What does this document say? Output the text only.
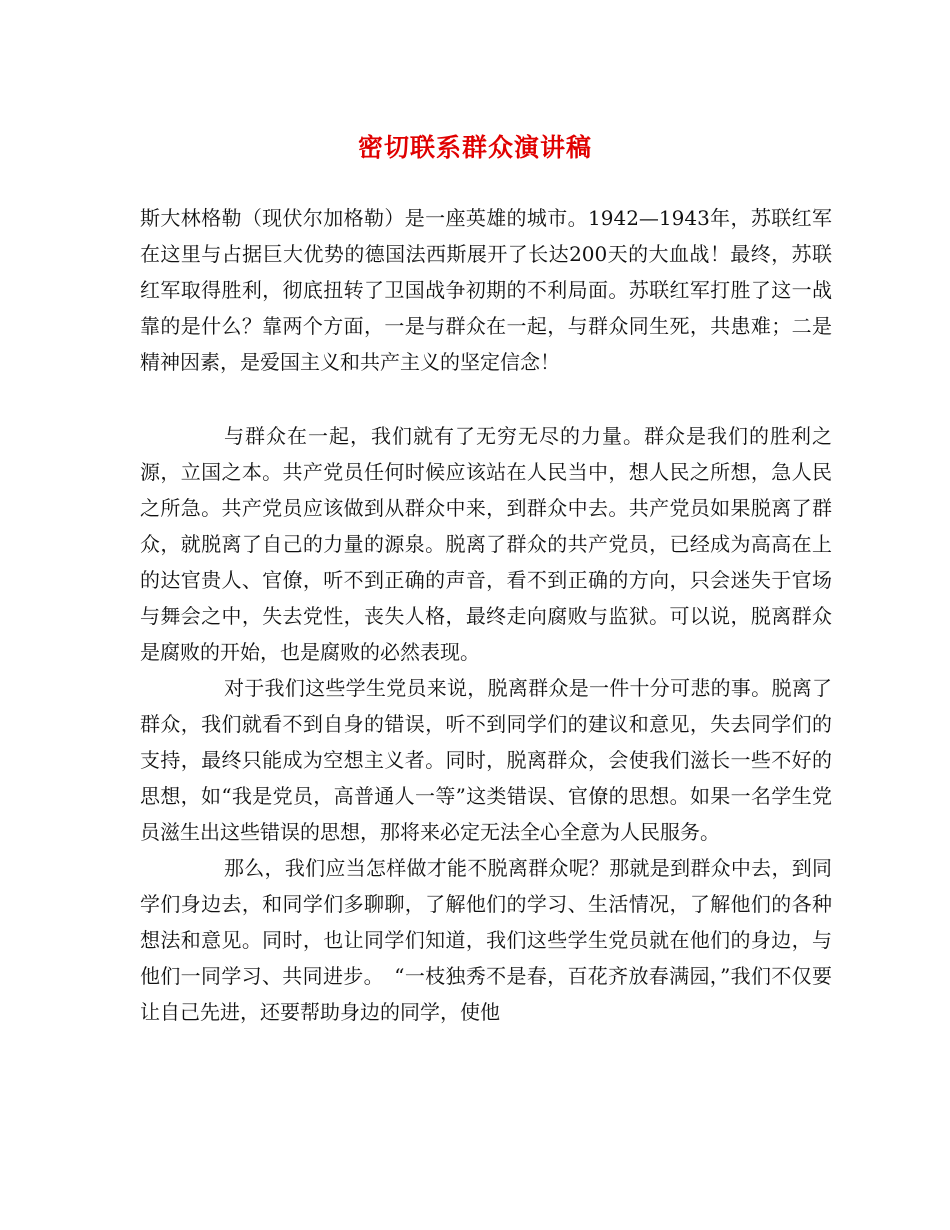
密切联系群众演讲稿

斯大林格勒（现伏尔加格勒）是一座英雄的城市。1942—1943年，苏联红军在这里与占据巨大优势的德国法西斯展开了长达200天的大血战！最终，苏联红军取得胜利，彻底扭转了卫国战争初期的不利局面。苏联红军打胜了这一战靠的是什么？靠两个方面，一是与群众在一起，与群众同生死，共患难；二是精神因素，是爱国主义和共产主义的坚定信念！

与群众在一起，我们就有了无穷无尽的力量。群众是我们的胜利之源，立国之本。共产党员任何时候应该站在人民当中，想人民之所想，急人民之所急。共产党员应该做到从群众中来，到群众中去。共产党员如果脱离了群众，就脱离了自己的力量的源泉。脱离了群众的共产党员，已经成为高高在上的达官贵人、官僚，听不到正确的声音，看不到正确的方向，只会迷失于官场与舞会之中，失去党性，丧失人格，最终走向腐败与监狱。可以说，脱离群众是腐败的开始，也是腐败的必然表现。

对于我们这些学生党员来说，脱离群众是一件十分可悲的事。脱离了群众，我们就看不到自身的错误，听不到同学们的建议和意见，失去同学们的支持，最终只能成为空想主义者。同时，脱离群众，会使我们滋长一些不好的思想，如“我是党员，高普通人一等”这类错误、官僚的思想。如果一名学生党员滋生出这些错误的思想，那将来必定无法全心全意为人民服务。

那么，我们应当怎样做才能不脱离群众呢？那就是到群众中去，到同学们身边去，和同学们多聊聊，了解他们的学习、生活情况，了解他们的各种想法和意见。同时，也让同学们知道，我们这些学生党员就在他们的身边，与他们一同学习、共同进步。　“一枝独秀不是春，百花齐放春满园，”我们不仅要让自己先进，还要帮助身边的同学，使他
